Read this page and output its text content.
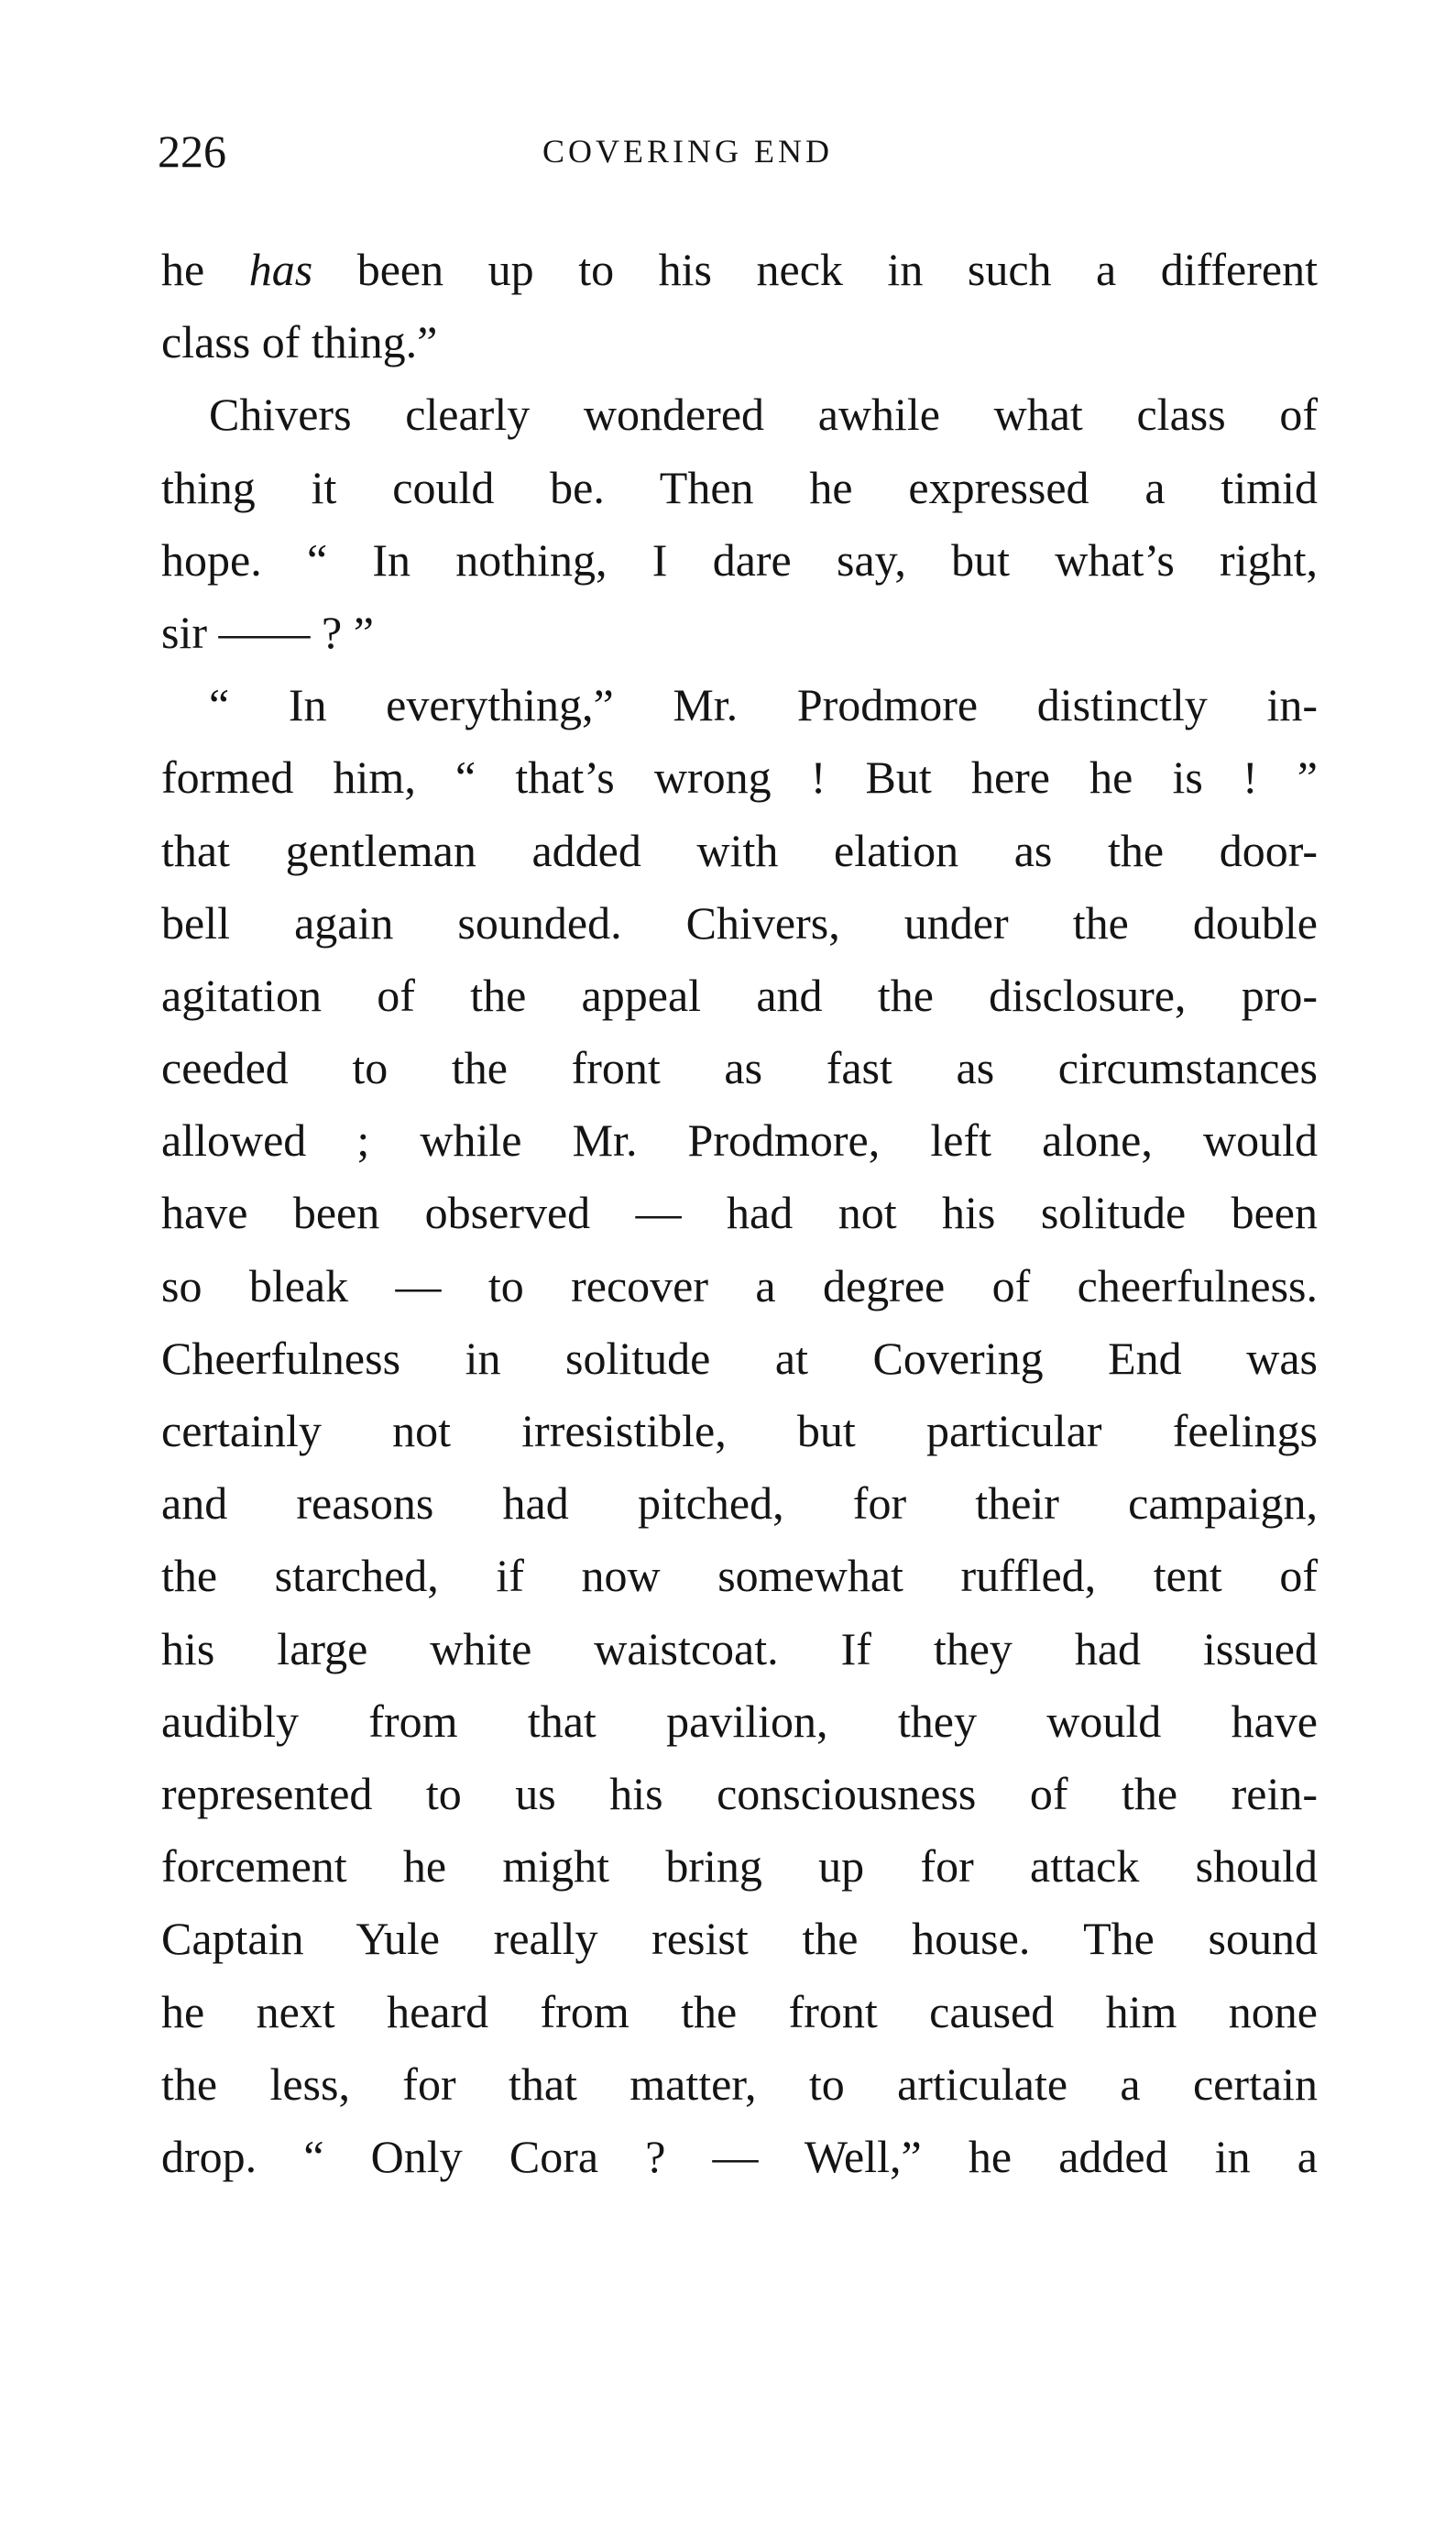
226	COVERING END
he has been up to his neck in such a different
class of thing.”
Chivers clearly wondered awhile what class of
thing it could be. Then he expressed a timid
hope. “ In nothing, I dare say, but what’s right,
sir —— ? ”
“ In everything,” Mr. Prodmore distinctly in-
formed him, “ that’s wrong ! But here he is ! ”
that gentleman added with elation as the door-
bell again sounded. Chivers, under the double
agitation of the appeal and the disclosure, pro-
ceeded to the front as fast as circumstances
allowed ; while Mr. Prodmore, left alone, would
have been observed — had not his solitude been
so bleak — to recover a degree of cheerfulness.
Cheerfulness in solitude at Covering End was
certainly not irresistible, but particular feelings
and reasons had pitched, for their campaign,
the starched, if now somewhat ruffled, tent of
his large white waistcoat. If they had issued
audibly from that pavilion, they would have
represented to us his consciousness of the rein-
forcement he might bring up for attack should
Captain Yule really resist the house. The sound
he next heard from the front caused him none
the less, for that matter, to articulate a certain
drop. “ Only Cora ? — Well,” he added in a
